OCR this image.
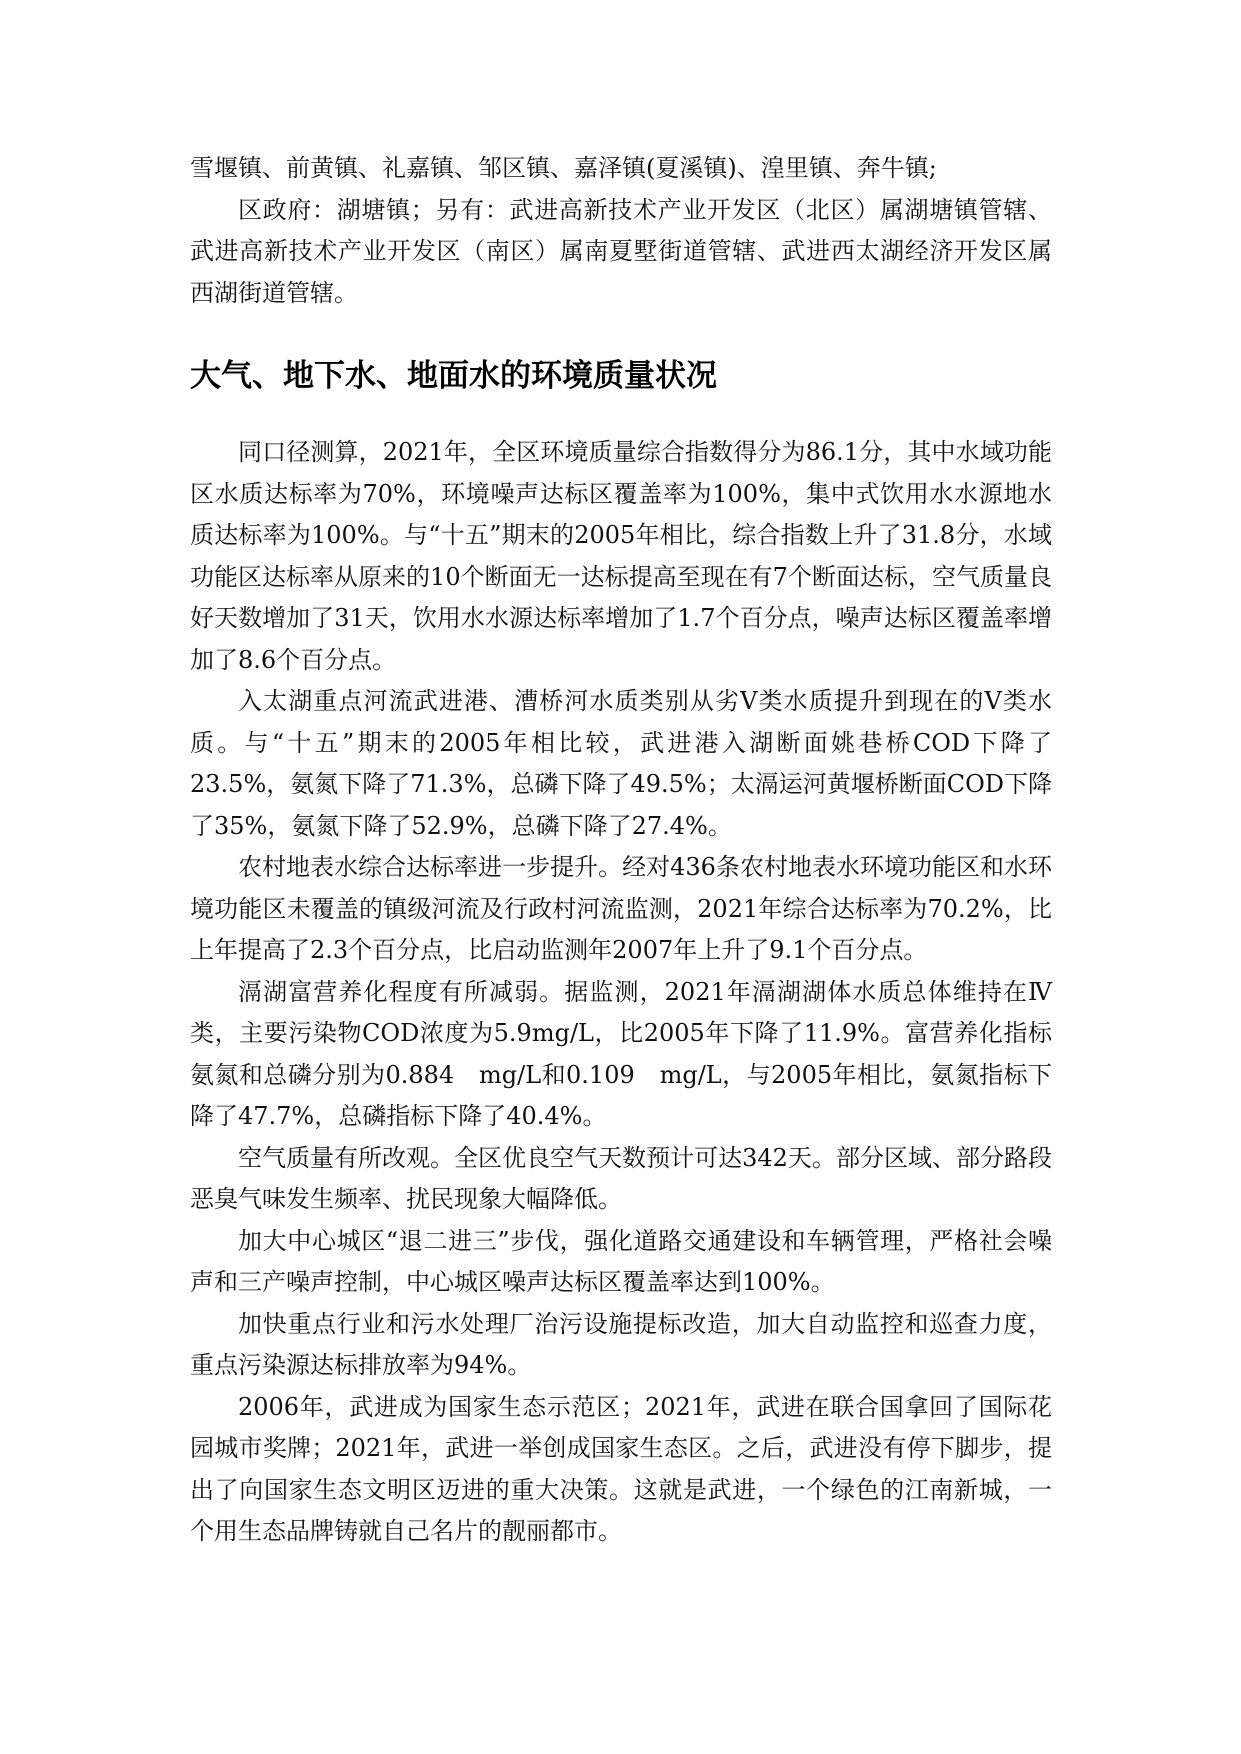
雪堰镇、前黄镇、礼嘉镇、邹区镇、嘉泽镇(夏溪镇)、湟里镇、奔牛镇;

区政府：湖塘镇；另有：武进高新技术产业开发区（北区）属湖塘镇管辖、武进高新技术产业开发区（南区）属南夏墅街道管辖、武进西太湖经济开发区属西湖街道管辖。

大气、地下水、地面水的环境质量状况

同口径测算，2021年，全区环境质量综合指数得分为86.1分，其中水域功能区水质达标率为70%，环境噪声达标区覆盖率为100%，集中式饮用水水源地水质达标率为100%。与“十五”期末的2005年相比，综合指数上升了31.8分，水域功能区达标率从原来的10个断面无一达标提高至现在有7个断面达标，空气质量良好天数增加了31天，饮用水水源达标率增加了1.7个百分点，噪声达标区覆盖率增加了8.6个百分点。

入太湖重点河流武进港、漕桥河水质类别从劣Ⅴ类水质提升到现在的Ⅴ类水质。与“十五”期末的2005年相比较，武进港入湖断面姚巷桥COD下降了23.5%，氨氮下降了71.3%，总磷下降了49.5%；太滆运河黄堰桥断面COD下降了35%，氨氮下降了52.9%，总磷下降了27.4%。

农村地表水综合达标率进一步提升。经对436条农村地表水环境功能区和水环境功能区未覆盖的镇级河流及行政村河流监测，2021年综合达标率为70.2%，比上年提高了2.3个百分点，比启动监测年2007年上升了9.1个百分点。

滆湖富营养化程度有所减弱。据监测，2021年滆湖湖体水质总体维持在Ⅳ类，主要污染物COD浓度为5.9mg/L，比2005年下降了11.9%。富营养化指标氨氮和总磷分别为0.884　mg/L和0.109　mg/L，与2005年相比，氨氮指标下降了47.7%，总磷指标下降了40.4%。

空气质量有所改观。全区优良空气天数预计可达342天。部分区域、部分路段恶臭气味发生频率、扰民现象大幅降低。

加大中心城区“退二进三”步伐，强化道路交通建设和车辆管理，严格社会噪声和三产噪声控制，中心城区噪声达标区覆盖率达到100%。

加快重点行业和污水处理厂治污设施提标改造，加大自动监控和巡查力度，重点污染源达标排放率为94%。

2006年，武进成为国家生态示范区；2021年，武进在联合国拿回了国际花园城市奖牌；2021年，武进一举创成国家生态区。之后，武进没有停下脚步，提出了向国家生态文明区迈进的重大决策。这就是武进，一个绿色的江南新城，一个用生态品牌铸就自己名片的靓丽都市。
